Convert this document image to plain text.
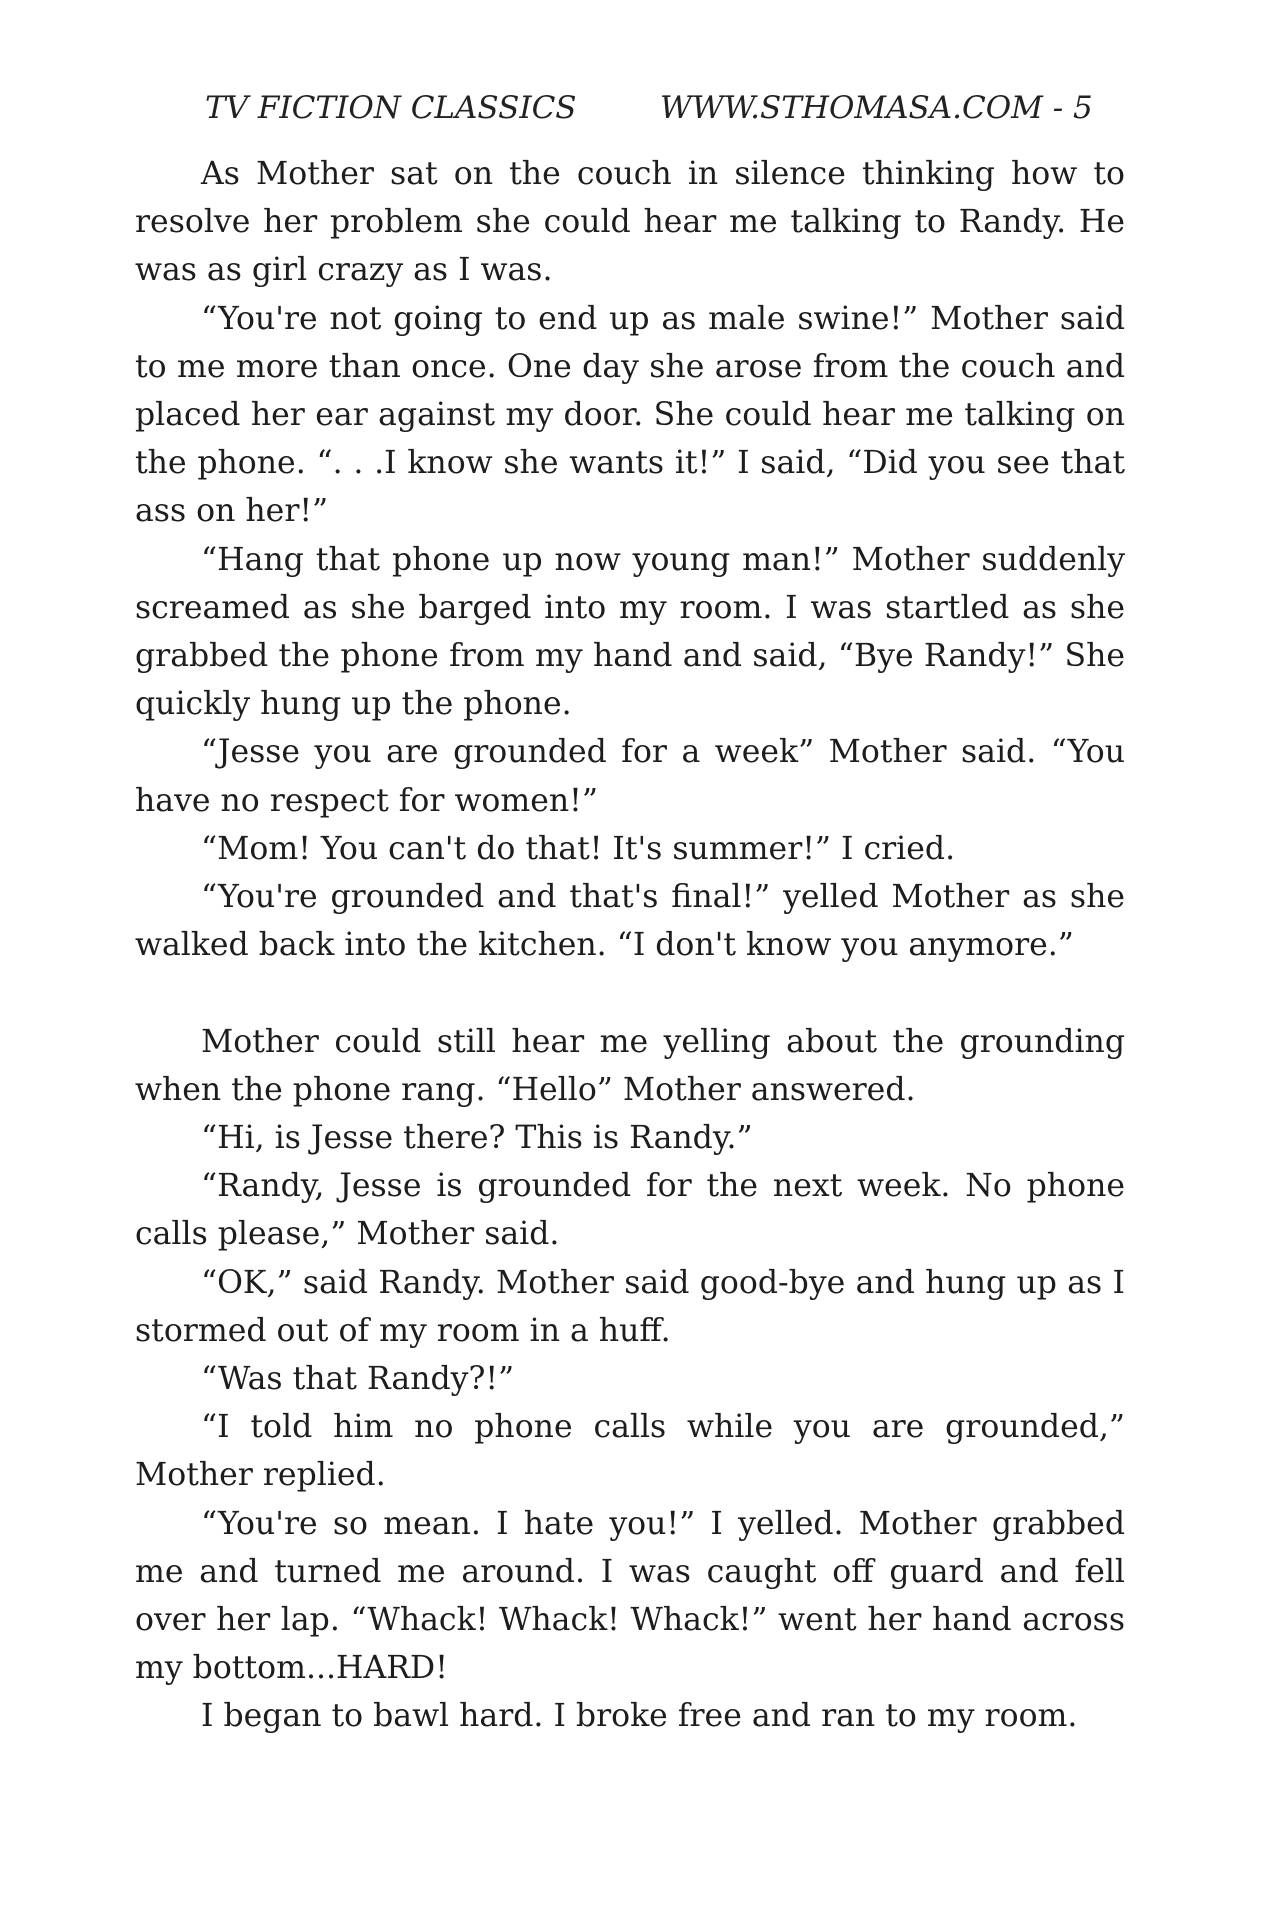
TV FICTION CLASSICS	WWW.STHOMASA.COM - 5

As Mother sat on the couch in silence thinking how to resolve her problem she could hear me talking to Randy. He was as girl crazy as I was.

“You're not going to end up as male swine!” Mother said to me more than once. One day she arose from the couch and placed her ear against my door. She could hear me talking on the phone. “. . .I know she wants it!” I said, “Did you see that ass on her!”

“Hang that phone up now young man!” Mother suddenly screamed as she barged into my room. I was startled as she grabbed the phone from my hand and said, “Bye Randy!” She quickly hung up the phone.

“Jesse you are grounded for a week” Mother said. “You have no respect for women!”

“Mom! You can't do that! It's summer!” I cried.

“You're grounded and that's final!” yelled Mother as she walked back into the kitchen. “I don't know you anymore.”

Mother could still hear me yelling about the grounding when the phone rang. “Hello” Mother answered.

“Hi, is Jesse there? This is Randy.”

“Randy, Jesse is grounded for the next week. No phone calls please,” Mother said.

“OK,” said Randy. Mother said good-bye and hung up as I stormed out of my room in a huff.

“Was that Randy?!”

“I told him no phone calls while you are grounded,” Mother replied.

“You're so mean. I hate you!” I yelled. Mother grabbed me and turned me around. I was caught off guard and fell over her lap. “Whack! Whack! Whack!” went her hand across my bottom...HARD!

I began to bawl hard. I broke free and ran to my room.
